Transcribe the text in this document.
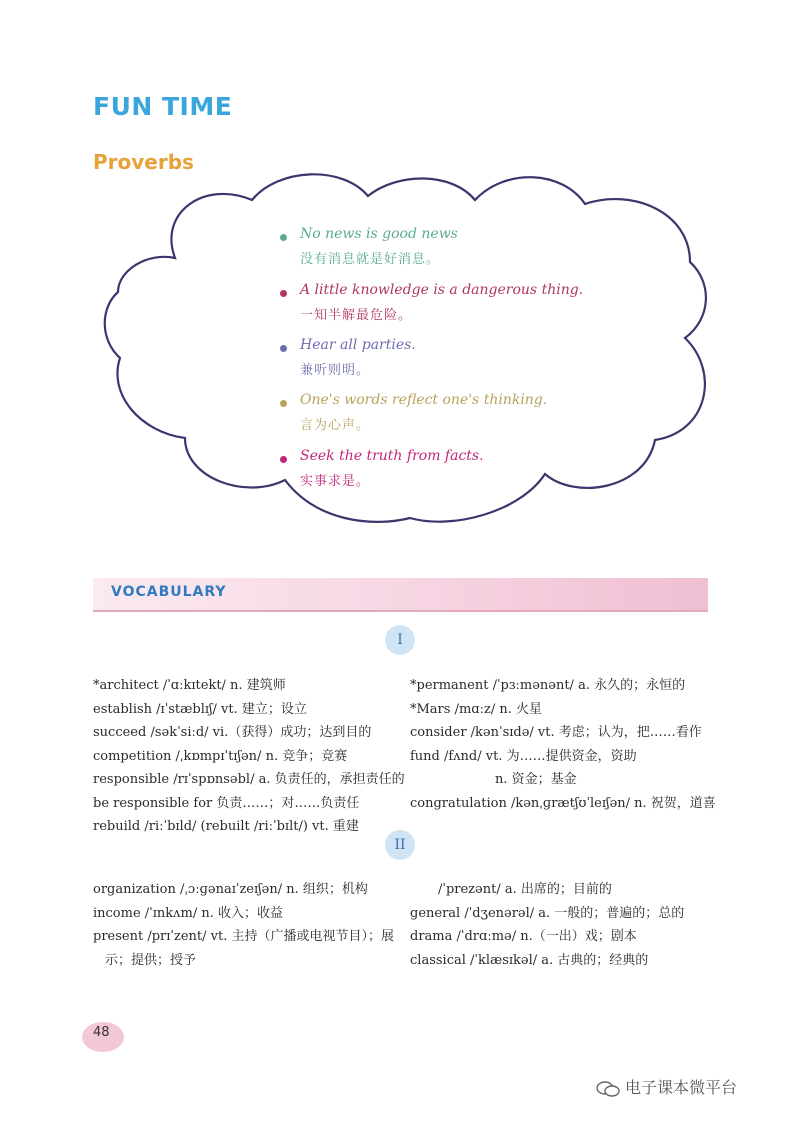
FUN TIME
Proverbs
No news is good news
没有消息就是好消息。
A little knowledge is a dangerous thing.
一知半解最危险。
Hear all parties.
兼听则明。
One's words reflect one's thinking.
言为心声。
Seek the truth from facts.
实事求是。
VOCABULARY
I
*architect /ˈɑːkɪtekt/ n. 建筑师
establish /ɪˈstæblɪʃ/ vt. 建立；设立
succeed /səkˈsiːd/ vi.（获得）成功；达到目的
competition /ˌkɒmpɪˈtɪʃən/ n. 竞争；竞赛
responsible /rɪˈspɒnsəbl/ a. 负责任的，承担责任的
be responsible for 负责……；对……负责任
rebuild /riːˈbɪld/ (rebuilt /riːˈbɪlt/) vt. 重建
*permanent /ˈpɜːmənənt/ a. 永久的；永恒的
*Mars /mɑːz/ n. 火星
consider /kənˈsɪdə/ vt. 考虑；认为，把……看作
fund /fʌnd/ vt. 为……提供资金，资助
n. 资金；基金
congratulation /kənˌɡrætʃʊˈleɪʃən/ n. 祝贺，道喜
II
organization /ˌɔːɡənaɪˈzeɪʃən/ n. 组织；机构
income /ˈɪnkʌm/ n. 收入；收益
present /prɪˈzent/ vt. 主持（广播或电视节目）；展
示；提供；授予
/ˈprezənt/ a. 出席的；目前的
general /ˈdʒenərəl/ a. 一般的；普遍的；总的
drama /ˈdrɑːmə/ n.（一出）戏；剧本
classical /ˈklæsɪkəl/ a. 古典的；经典的
48
电子课本微平台
